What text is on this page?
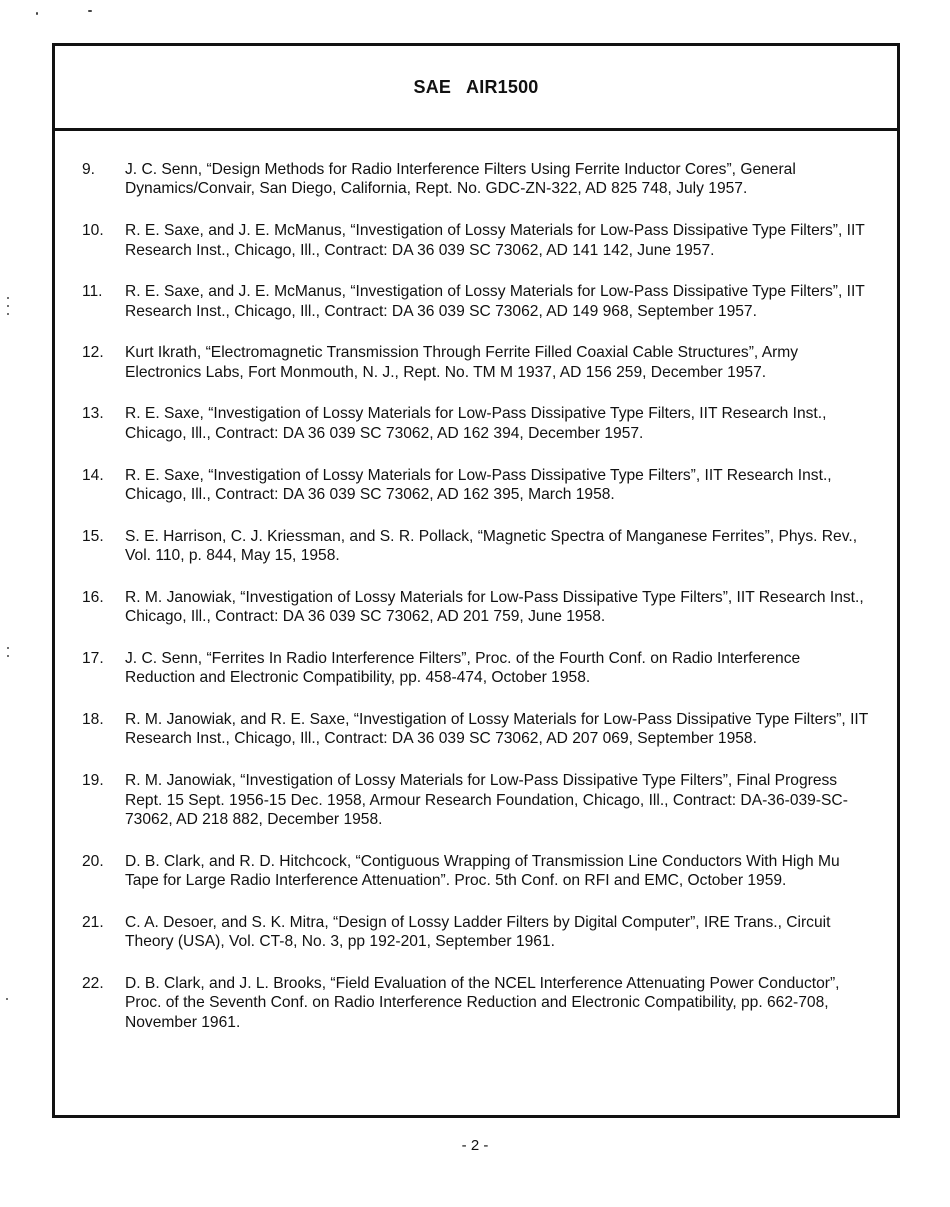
SAE   AIR1500
9.	J. C. Senn, “Design Methods for Radio Interference Filters Using Ferrite Inductor Cores”, General Dynamics/Convair, San Diego, California, Rept. No. GDC-ZN-322, AD 825 748, July 1957.
10.	R. E. Saxe, and J. E. McManus, “Investigation of Lossy Materials for Low-Pass Dissipative Type Filters”, IIT Research Inst., Chicago, Ill., Contract: DA 36 039 SC 73062, AD 141 142, June 1957.
11.	R. E. Saxe, and J. E. McManus, “Investigation of Lossy Materials for Low-Pass Dissipative Type Filters”, IIT Research Inst., Chicago, Ill., Contract: DA 36 039 SC 73062, AD 149 968, September 1957.
12.	Kurt Ikrath, “Electromagnetic Transmission Through Ferrite Filled Coaxial Cable Structures”, Army Electronics Labs, Fort Monmouth, N. J., Rept. No. TM M 1937, AD 156 259, December 1957.
13.	R. E. Saxe, “Investigation of Lossy Materials for Low-Pass Dissipative Type Filters, IIT Research Inst., Chicago, Ill., Contract: DA 36 039 SC 73062, AD 162 394, December 1957.
14.	R. E. Saxe, “Investigation of Lossy Materials for Low-Pass Dissipative Type Filters”, IIT Research Inst., Chicago, Ill., Contract: DA 36 039 SC 73062, AD 162 395, March 1958.
15.	S. E. Harrison, C. J. Kriessman, and S. R. Pollack, “Magnetic Spectra of Manganese Ferrites”, Phys. Rev., Vol. 110, p. 844, May 15, 1958.
16.	R. M. Janowiak, “Investigation of Lossy Materials for Low-Pass Dissipative Type Filters”, IIT Research Inst., Chicago, Ill., Contract: DA 36 039 SC 73062, AD 201 759, June 1958.
17.	J. C. Senn, “Ferrites In Radio Interference Filters”, Proc. of the Fourth Conf. on Radio Interference Reduction and Electronic Compatibility, pp. 458-474, October 1958.
18.	R. M. Janowiak, and R. E. Saxe, “Investigation of Lossy Materials for Low-Pass Dissipative Type Filters”, IIT Research Inst., Chicago, Ill., Contract: DA 36 039 SC 73062, AD 207 069, September 1958.
19.	R. M. Janowiak, “Investigation of Lossy Materials for Low-Pass Dissipative Type Filters”, Final Progress Rept. 15 Sept. 1956-15 Dec. 1958, Armour Research Foundation, Chicago, Ill., Contract: DA-36-039-SC-73062, AD 218 882, December 1958.
20.	D. B. Clark, and R. D. Hitchcock, “Contiguous Wrapping of Transmission Line Conductors With High Mu Tape for Large Radio Interference Attenuation”. Proc. 5th Conf. on RFI and EMC, October 1959.
21.	C. A. Desoer, and S. K. Mitra, “Design of Lossy Ladder Filters by Digital Computer”, IRE Trans., Circuit Theory (USA), Vol. CT-8, No. 3, pp 192-201, September 1961.
22.	D. B. Clark, and J. L. Brooks, “Field Evaluation of the NCEL Interference Attenuating Power Conductor”, Proc. of the Seventh Conf. on Radio Interference Reduction and Electronic Compatibility, pp. 662-708, November 1961.
- 2 -
